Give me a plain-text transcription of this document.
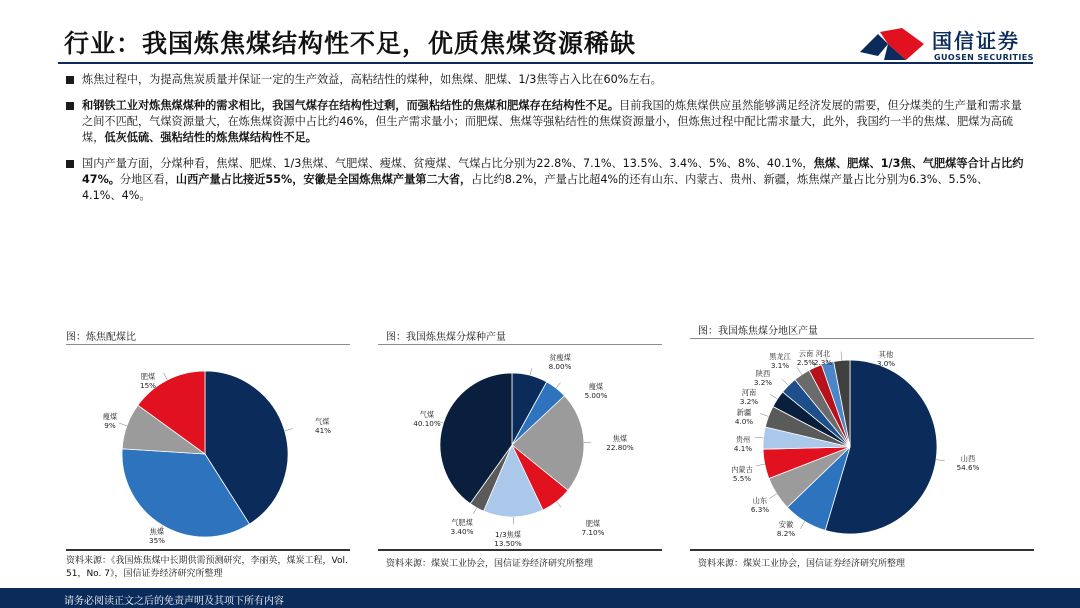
行业：我国炼焦煤结构性不足，优质焦煤资源稀缺	国信证券
GUOSEN SECURITIES
炼焦过程中，为提高焦炭质量并保证一定的生产效益，高粘结性的煤种，如焦煤、肥煤、1/3焦等占入比在60%左右。
和钢铁工业对炼焦煤煤种的需求相比，我国气煤存在结构性过剩，而强粘结性的焦煤和肥煤存在结构性不足。目前我国的炼焦煤供应虽然能够满足经济发展的需要，但分煤类的生产量和需求量之间不匹配，气煤资源量大，在炼焦煤资源中占比约46%，但生产需求量小；而肥煤、焦煤等强粘结性的焦煤资源量小，但炼焦过程中配比需求量大，此外，我国约一半的焦煤、肥煤为高硫煤，低灰低硫、强粘结性的炼焦煤结构性不足。
国内产量方面，分煤种看，焦煤、肥煤、1/3焦煤、气肥煤、瘦煤、贫瘦煤、气煤占比分别为22.8%、7.1%、13.5%、3.4%、5%、8%、40.1%，焦煤、肥煤、1/3焦、气肥煤等合计占比约47%。分地区看，山西产量占比接近55%，安徽是全国炼焦煤产量第二大省，占比约8.2%，产量占比超4%的还有山东、内蒙古、贵州、新疆，炼焦煤产量占比分别为6.3%、5.5%、4.1%、4%。
图：炼焦配煤比
资料来源：《我国炼焦煤中长期供需预测研究，李丽英，煤炭工程，Vol. 51，No. 7》，国信证券经济研究所整理
图：我国炼焦煤分煤种产量
资料来源：煤炭工业协会，国信证券经济研究所整理
图：我国炼焦煤分地区产量
资料来源：煤炭工业协会，国信证券经济研究所整理
气煤
41%
焦煤
35%
瘦煤
9%
肥煤
15%
贫瘦煤
8.00%
瘦煤
5.00%
焦煤
22.80%
肥煤
7.10%
1/3焦煤
13.50%
气肥煤
3.40%
气煤
40.10%
山西
54.6%
安徽
8.2%
山东
6.3%
内蒙古
5.5%
贵州
4.1%
新疆
4.0%
河南
3.2%
陕西
3.2%
黑龙江
3.1%
云南
2.5%
河北
2.3%
其他
3.0%
请务必阅读正文之后的免责声明及其项下所有内容
